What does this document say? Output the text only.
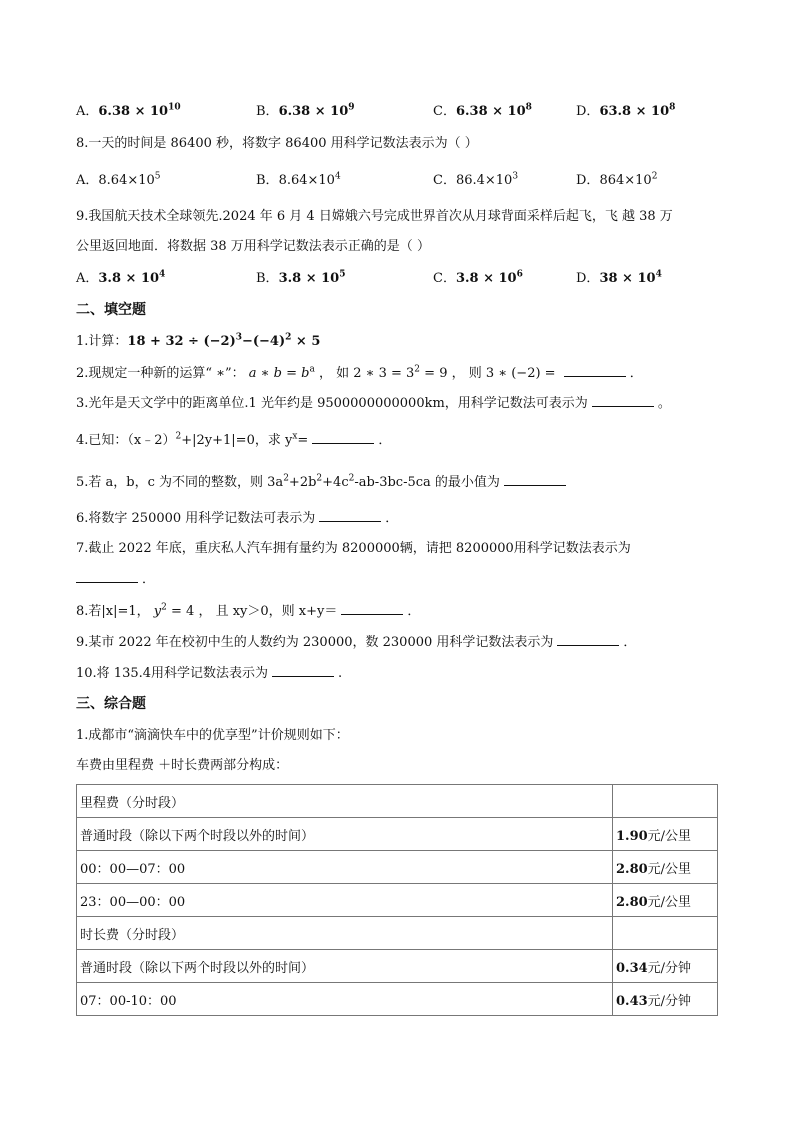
A．$6.38 \times 10^{10}$	B．$6.38 \times 10^9$	C．$6.38 \times 10^8$	D．$63.8 \times 10^8$
8.一天的时间是 86400 秒，将数字 86400 用科学记数法表示为（ ）
A．$8.64\times 10^5$	B．$8.64\times 10^4$	C．$86.4\times 10^3$	D．$864\times 10^2$
9.我国航天技术全球领先.2024 年 6 月 4 日嫦娥六号完成世界首次从月球背面采样后起飞，飞 越 38 万
公里返回地面．将数据 38 万用科学记数法表示正确的是（ ）
A．$3.8 \times 10^4$	B．$3.8 \times 10^5$	C．$3.8 \times 10^6$	D．$38 \times 10^4$
二、填空题
1.计算：$18 + 32 \div (-2)^3-(-4)^2 \times 5$
2.现规定一种新的运算“ ∗”： a ∗ $b = b^a$ ， 如 2 ∗ $3 = 3^2 = 9$ ， 则 3 ∗ (−2) =	．
3.光年是天文学中的距离单位.1 光年约是 9500000000000km，用科学记数法可表示为	。
4.已知：（x﹣2）$^2$+|2y+1|=0，求 $y^x=$	．
5.若 a，b，c 为不同的整数，则 $3a^2+2b^2+4c^2-ab-3bc-5ca$ 的最小值为
6.将数字 250000 用科学记数法可表示为	．
7.截止 2022 年底，重庆私人汽车拥有量约为 8200000辆，请把 8200000用科学记数法表示为
．
8.若|x|=1， $y^2 = 4$ ， 且 xy＞0，则 x+y＝	．
9.某市 2022 年在校初中生的人数约为 230000，数 230000 用科学记数法表示为	．
10.将 135.4用科学记数法表示为	.
三、综合题
1.成都市“滴滴快车中的优享型”计价规则如下：
车费由里程费 ＋时长费两部分构成：
里程费（分时段）	
普通时段（除以下两个时段以外的时间）	1.90元/公里
00：00—07：00	2.80元/公里
23：00—00：00	2.80元/公里
时长费（分时段）	
普通时段（除以下两个时段以外的时间）	0.34元/分钟
07：00-10：00	0.43元/分钟
